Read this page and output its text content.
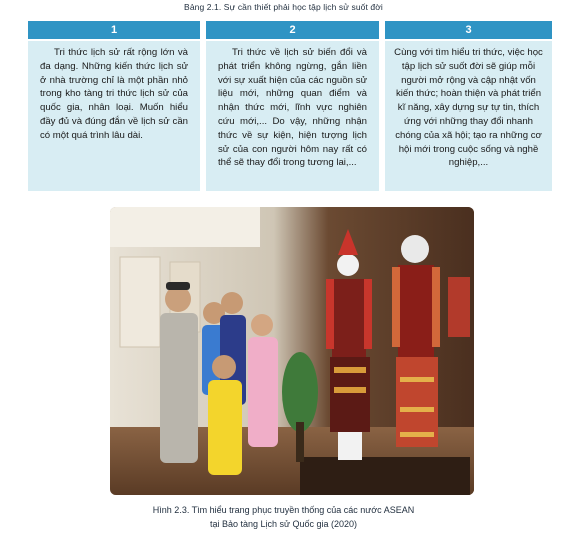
Bảng 2.1. Sự cần thiết phải học tập lịch sử suốt đời
1	2	3
Tri thức lịch sử rất rộng lớn và đa dạng. Những kiến thức lịch sử ở nhà trường chỉ là một phần nhỏ trong kho tàng tri thức lịch sử của quốc gia, nhân loại. Muốn hiểu đầy đủ và đúng đắn về lịch sử cần có một quá trình lâu dài.
Tri thức về lịch sử biến đổi và phát triển không ngừng, gắn liền với sự xuất hiện của các nguồn sử liệu mới, những quan điểm và nhận thức mới, lĩnh vực nghiên cứu mới,... Do vậy, những nhận thức về sự kiện, hiện tượng lịch sử của con người hôm nay rất có thể sẽ thay đổi trong tương lai,...
Cùng với tìm hiểu tri thức, việc học tập lịch sử suốt đời sẽ giúp mỗi người mở rộng và cập nhật vốn kiến thức; hoàn thiện và phát triển kĩ năng, xây dựng sự tự tin, thích ứng với những thay đổi nhanh chóng của xã hội; tạo ra những cơ hội mới trong cuộc sống và nghề nghiệp,...
Hình 2.3. Tìm hiểu trang phục truyền thống của các nước ASEAN
tại Bảo tàng Lịch sử Quốc gia (2020)
